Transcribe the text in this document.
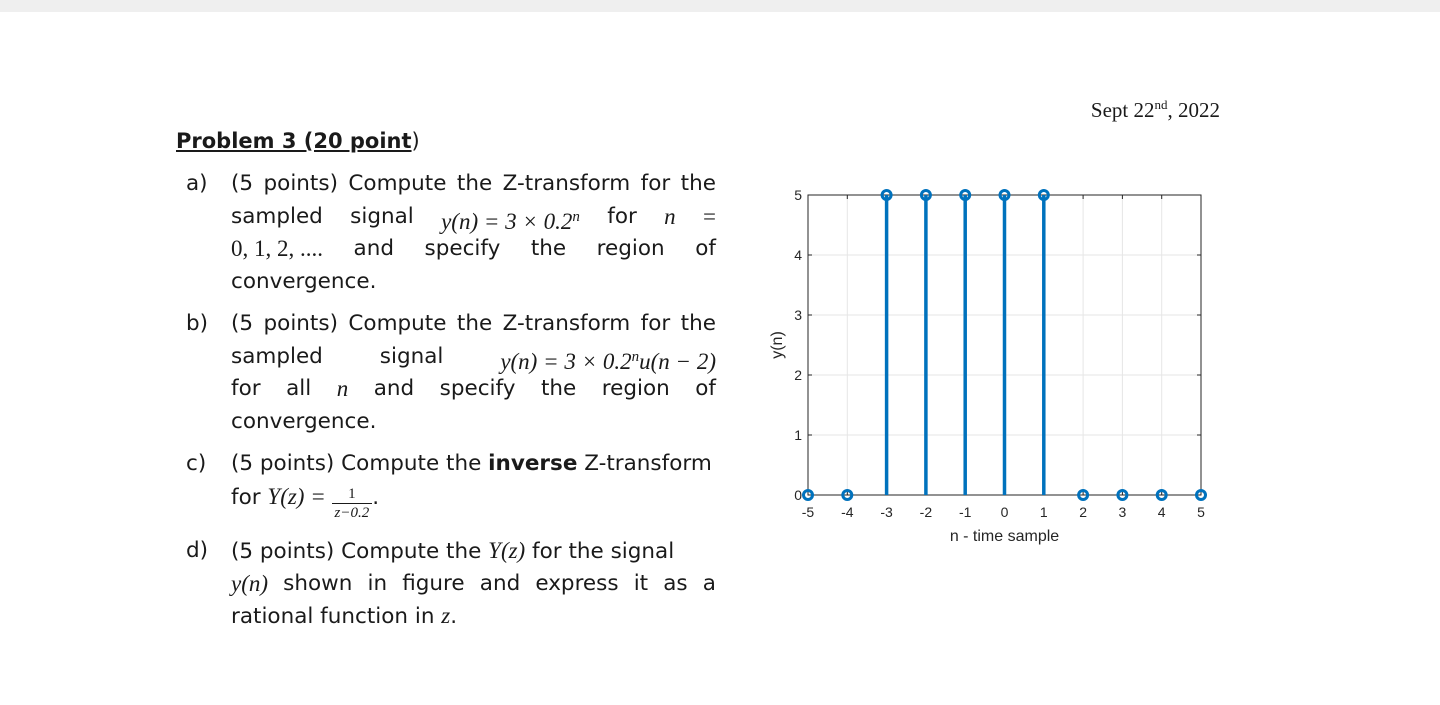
Sept 22nd, 2022
Problem 3 (20 point)
a) (5 points) Compute the Z-transform for the
sampled signal $y(n) = 3 \times 0.2^n$ for n =
0, 1, 2, .... and specify the region of
convergence.
b) (5 points) Compute the Z-transform for the
sampled	signal $y(n) = 3 \times 0.2^nu(n - 2)$
for all n and specify the region of
convergence.
c) (5 points) Compute the inverse Z-transform
for $Y(z) = \frac{1}{z-0.2}$ .
d) (5 points) Compute the Y(z) for the signal
y(n) shown in figure and express it as a
rational function in z.
-5 -4 -3 -2 -1 0 1 2 3 4 5
0
1
2
3
4
5
n - time sample
y(n)
